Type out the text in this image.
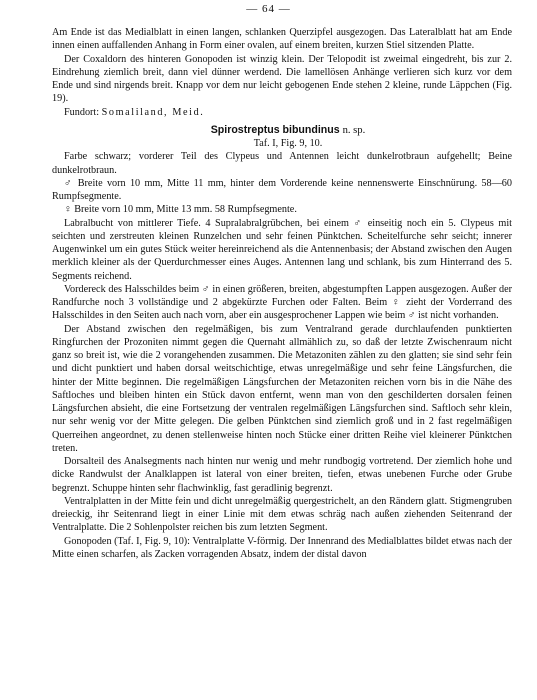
— 64 —

Am Ende ist das Medialblatt in einen langen, schlanken Querzipfel ausgezogen. Das Lateralblatt hat am Ende innen einen auffallenden Anhang in Form einer ovalen, auf einem breiten, kurzen Stiel sitzenden Platte.

Der Coxaldorn des hinteren Gonopoden ist winzig klein. Der Telopodit ist zweimal eingedreht, bis zur 2. Eindrehung ziemlich breit, dann viel dünner werdend. Die lamellösen Anhänge verlieren sich kurz vor dem Ende und sind nirgends breit. Knapp vor dem nur leicht gebogenen Ende stehen 2 kleine, runde Läppchen (Fig. 19).

Fundort: Somaliland, Meid.

Spirostreptus bibundinus n. sp.

Taf. I, Fig. 9, 10.

Farbe schwarz; vorderer Teil des Clypeus und Antennen leicht dunkelrotbraun aufgehellt; Beine dunkelrotbraun.

♂ Breite vorn 10 mm, Mitte 11 mm, hinter dem Vorderende keine nennenswerte Einschnürung. 58—60 Rumpfsegmente.

♀ Breite vorn 10 mm, Mitte 13 mm. 58 Rumpfsegmente.

Labralbucht von mittlerer Tiefe. 4 Supralabralgrübchen, bei einem ♂ einseitig noch ein 5. Clypeus mit seichten und zerstreuten kleinen Runzelchen und sehr feinen Pünktchen. Scheitelfurche sehr seicht; innerer Augenwinkel um ein gutes Stück weiter hereinreichend als die Antennenbasis; der Abstand zwischen den Augen merklich kleiner als der Querdurchmesser eines Auges. Antennen lang und schlank, bis zum Hinterrand des 5. Segments reichend.

Vordereck des Halsschildes beim ♂ in einen größeren, breiten, abgestumpften Lappen ausgezogen. Außer der Randfurche noch 3 vollständige und 2 abgekürzte Furchen oder Falten. Beim ♀ zieht der Vorderrand des Halsschildes in den Seiten auch nach vorn, aber ein ausgesprochener Lappen wie beim ♂ ist nicht vorhanden.

Der Abstand zwischen den regelmäßigen, bis zum Ventralrand gerade durchlaufenden punktierten Ringfurchen der Prozoniten nimmt gegen die Quernaht allmählich zu, so daß der letzte Zwischenraum nicht ganz so breit ist, wie die 2 vorangehenden zusammen. Die Metazoniten zählen zu den glatten; sie sind sehr fein und dicht punktiert und haben dorsal weitschichtige, etwas unregelmäßige und sehr feine Längsfurchen, die hinter der Mitte beginnen. Die regelmäßigen Längsfurchen der Metazoniten reichen vorn bis in die Nähe des Saftloches und bleiben hinten ein Stück davon entfernt, wenn man von den geschilderten dorsalen feinen Längsfurchen absieht, die eine Fortsetzung der ventralen regelmäßigen Längsfurchen sind. Saftloch sehr klein, nur sehr wenig vor der Mitte gelegen. Die gelben Pünktchen sind ziemlich groß und in 2 fast regelmäßigen Querreihen angeordnet, zu denen stellenweise hinten noch Stücke einer dritten Reihe viel kleinerer Pünktchen treten.

Dorsalteil des Analsegments nach hinten nur wenig und mehr rundbogig vortretend. Der ziemlich hohe und dicke Randwulst der Analklappen ist lateral von einer breiten, tiefen, etwas unebenen Furche oder Grube begrenzt. Schuppe hinten sehr flachwinklig, fast geradlinig begrenzt.

Ventralplatten in der Mitte fein und dicht unregelmäßig quergestrichelt, an den Rändern glatt. Stigmengruben dreieckig, ihr Seitenrand liegt in einer Linie mit dem etwas schräg nach außen ziehenden Seitenrand der Ventralplatte. Die 2 Sohlenpolster reichen bis zum letzten Segment.

Gonopoden (Taf. I, Fig. 9, 10): Ventralplatte V-förmig. Der Innenrand des Medialblattes bildet etwas nach der Mitte einen scharfen, als Zacken vorragenden Absatz, indem der distal davon
